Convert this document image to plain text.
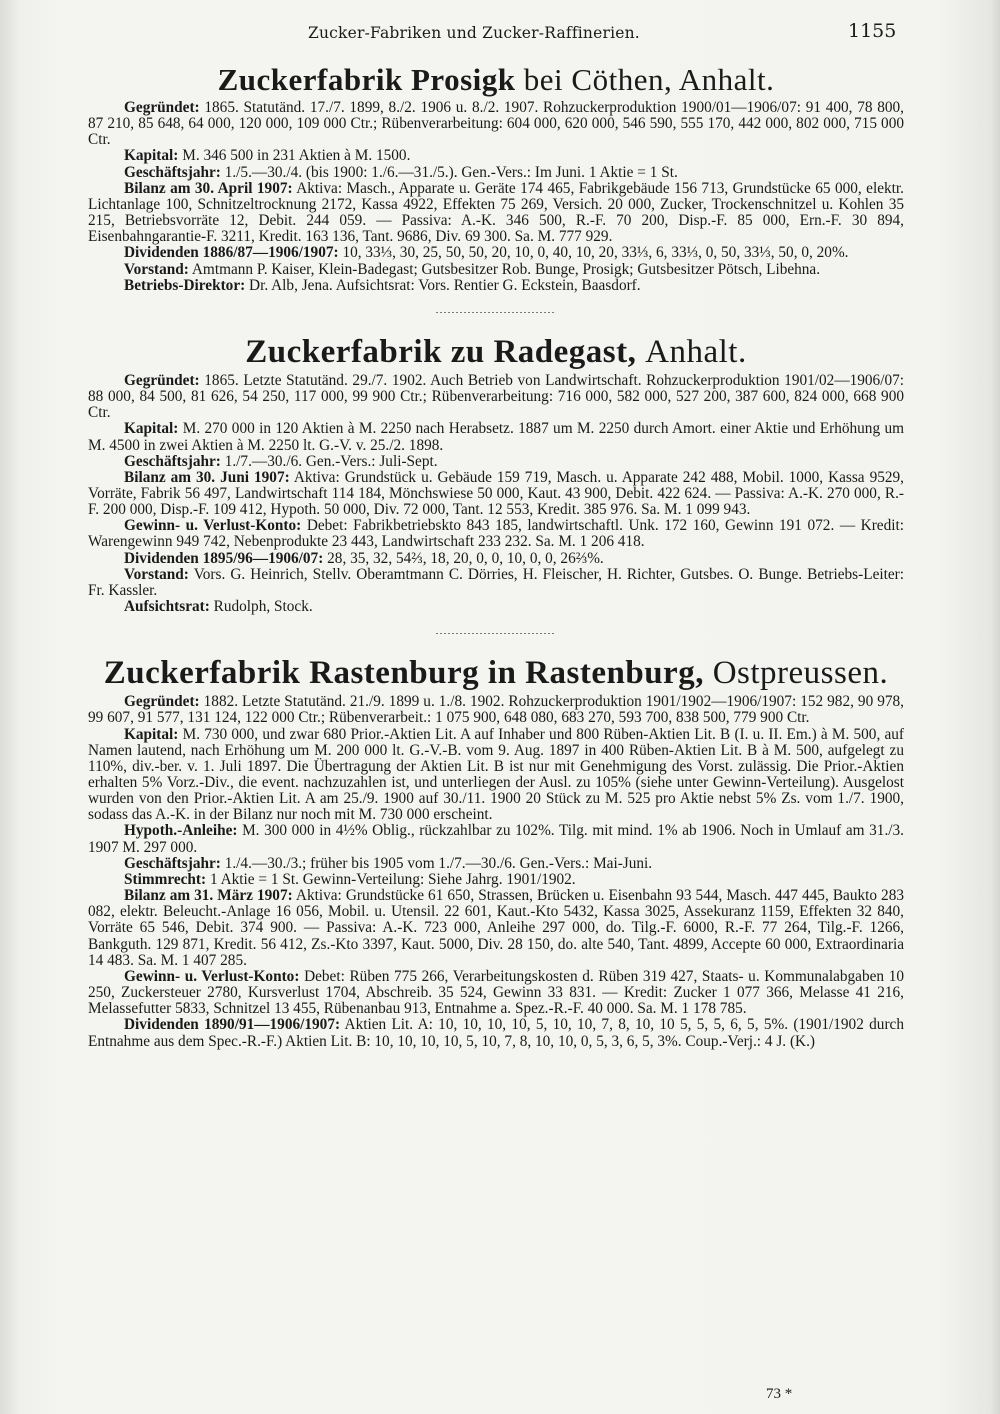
Zucker-Fabriken und Zucker-Raffinerien.	1155
Zuckerfabrik Prosigk bei Cöthen, Anhalt.

Gegründet: 1865. Statutänd. 17./7. 1899, 8./2. 1906 u. 8./2. 1907. Rohzuckerproduktion 1900/01—1906/07: 91 400, 78 800, 87 210, 85 648, 64 000, 120 000, 109 000 Ctr.; Rübenverarbeitung: 604 000, 620 000, 546 590, 555 170, 442 000, 802 000, 715 000 Ctr.

Kapital: M. 346 500 in 231 Aktien à M. 1500.

Geschäftsjahr: 1./5.—30./4. (bis 1900: 1./6.—31./5.). Gen.-Vers.: Im Juni. 1 Aktie = 1 St.

Bilanz am 30. April 1907: Aktiva: Masch., Apparate u. Geräte 174 465, Fabrikgebäude 156 713, Grundstücke 65 000, elektr. Lichtanlage 100, Schnitzeltrocknung 2172, Kassa 4922, Effekten 75 269, Versich. 20 000, Zucker, Trockenschnitzel u. Kohlen 35 215, Betriebsvorräte 12, Debit. 244 059. — Passiva: A.-K. 346 500, R.-F. 70 200, Disp.-F. 85 000, Ern.-F. 30 894, Eisenbahngarantie-F. 3211, Kredit. 163 136, Tant. 9686, Div. 69 300. Sa. M. 777 929.

Dividenden 1886/87—1906/1907: 10, 33⅓, 30, 25, 50, 50, 20, 10, 0, 40, 10, 20, 33⅓, 6, 33⅓, 0, 50, 33⅓, 50, 0, 20%.

Vorstand: Amtmann P. Kaiser, Klein-Badegast; Gutsbesitzer Rob. Bunge, Prosigk; Gutsbesitzer Pötsch, Libehna.

Betriebs-Direktor: Dr. Alb, Jena. Aufsichtsrat: Vors. Rentier G. Eckstein, Baasdorf.

Zuckerfabrik zu Radegast, Anhalt.

Gegründet: 1865. Letzte Statutänd. 29./7. 1902. Auch Betrieb von Landwirtschaft. Rohzuckerproduktion 1901/02—1906/07: 88 000, 84 500, 81 626, 54 250, 117 000, 99 900 Ctr.; Rübenverarbeitung: 716 000, 582 000, 527 200, 387 600, 824 000, 668 900 Ctr.

Kapital: M. 270 000 in 120 Aktien à M. 2250 nach Herabsetz. 1887 um M. 2250 durch Amort. einer Aktie und Erhöhung um M. 4500 in zwei Aktien à M. 2250 lt. G.-V. v. 25./2. 1898.

Geschäftsjahr: 1./7.—30./6. Gen.-Vers.: Juli-Sept.

Bilanz am 30. Juni 1907: Aktiva: Grundstück u. Gebäude 159 719, Masch. u. Apparate 242 488, Mobil. 1000, Kassa 9529, Vorräte, Fabrik 56 497, Landwirtschaft 114 184, Mönchswiese 50 000, Kaut. 43 900, Debit. 422 624. — Passiva: A.-K. 270 000, R.-F. 200 000, Disp.-F. 109 412, Hypoth. 50 000, Div. 72 000, Tant. 12 553, Kredit. 385 976. Sa. M. 1 099 943.

Gewinn- u. Verlust-Konto: Debet: Fabrikbetriebskto 843 185, landwirtschaftl. Unk. 172 160, Gewinn 191 072. — Kredit: Warengewinn 949 742, Nebenprodukte 23 443, Landwirtschaft 233 232. Sa. M. 1 206 418.

Dividenden 1895/96—1906/07: 28, 35, 32, 54⅔, 18, 20, 0, 0, 10, 0, 0, 26⅔%.

Vorstand: Vors. G. Heinrich, Stellv. Oberamtmann C. Dörries, H. Fleischer, H. Richter, Gutsbes. O. Bunge. Betriebs-Leiter: Fr. Kassler.

Aufsichtsrat: Rudolph, Stock.

Zuckerfabrik Rastenburg in Rastenburg, Ostpreussen.

Gegründet: 1882. Letzte Statutänd. 21./9. 1899 u. 1./8. 1902. Rohzuckerproduktion 1901/1902—1906/1907: 152 982, 90 978, 99 607, 91 577, 131 124, 122 000 Ctr.; Rübenverarbeit.: 1 075 900, 648 080, 683 270, 593 700, 838 500, 779 900 Ctr.

Kapital: M. 730 000, und zwar 680 Prior.-Aktien Lit. A auf Inhaber und 800 Rüben-Aktien Lit. B (I. u. II. Em.) à M. 500, auf Namen lautend, nach Erhöhung um M. 200 000 lt. G.-V.-B. vom 9. Aug. 1897 in 400 Rüben-Aktien Lit. B à M. 500, aufgelegt zu 110%, div.-ber. v. 1. Juli 1897. Die Übertragung der Aktien Lit. B ist nur mit Genehmigung des Vorst. zulässig. Die Prior.-Aktien erhalten 5% Vorz.-Div., die event. nachzuzahlen ist, und unterliegen der Ausl. zu 105% (siehe unter Gewinn-Verteilung). Ausgelost wurden von den Prior.-Aktien Lit. A am 25./9. 1900 auf 30./11. 1900 20 Stück zu M. 525 pro Aktie nebst 5% Zs. vom 1./7. 1900, sodass das A.-K. in der Bilanz nur noch mit M. 730 000 erscheint.

Hypoth.-Anleihe: M. 300 000 in 4½% Oblig., rückzahlbar zu 102%. Tilg. mit mind. 1% ab 1906. Noch in Umlauf am 31./3. 1907 M. 297 000.

Geschäftsjahr: 1./4.—30./3.; früher bis 1905 vom 1./7.—30./6. Gen.-Vers.: Mai-Juni.

Stimmrecht: 1 Aktie = 1 St. Gewinn-Verteilung: Siehe Jahrg. 1901/1902.

Bilanz am 31. März 1907: Aktiva: Grundstücke 61 650, Strassen, Brücken u. Eisenbahn 93 544, Masch. 447 445, Baukto 283 082, elektr. Beleucht.-Anlage 16 056, Mobil. u. Utensil. 22 601, Kaut.-Kto 5432, Kassa 3025, Assekuranz 1159, Effekten 32 840, Vorräte 65 546, Debit. 374 900. — Passiva: A.-K. 723 000, Anleihe 297 000, do. Tilg.-F. 6000, R.-F. 77 264, Tilg.-F. 1266, Bankguth. 129 871, Kredit. 56 412, Zs.-Kto 3397, Kaut. 5000, Div. 28 150, do. alte 540, Tant. 4899, Accepte 60 000, Extraordinaria 14 483. Sa. M. 1 407 285.

Gewinn- u. Verlust-Konto: Debet: Rüben 775 266, Verarbeitungskosten d. Rüben 319 427, Staats- u. Kommunalabgaben 10 250, Zuckersteuer 2780, Kursverlust 1704, Abschreib. 35 524, Gewinn 33 831. — Kredit: Zucker 1 077 366, Melasse 41 216, Melassefutter 5833, Schnitzel 13 455, Rübenanbau 913, Entnahme a. Spez.-R.-F. 40 000. Sa. M. 1 178 785.

Dividenden 1890/91—1906/1907: Aktien Lit. A: 10, 10, 10, 10, 5, 10, 10, 7, 8, 10, 10 5, 5, 5, 6, 5, 5%. (1901/1902 durch Entnahme aus dem Spec.-R.-F.) Aktien Lit. B: 10, 10, 10, 10, 5, 10, 7, 8, 10, 10, 0, 5, 3, 6, 5, 3%. Coup.-Verj.: 4 J. (K.)

73 *
